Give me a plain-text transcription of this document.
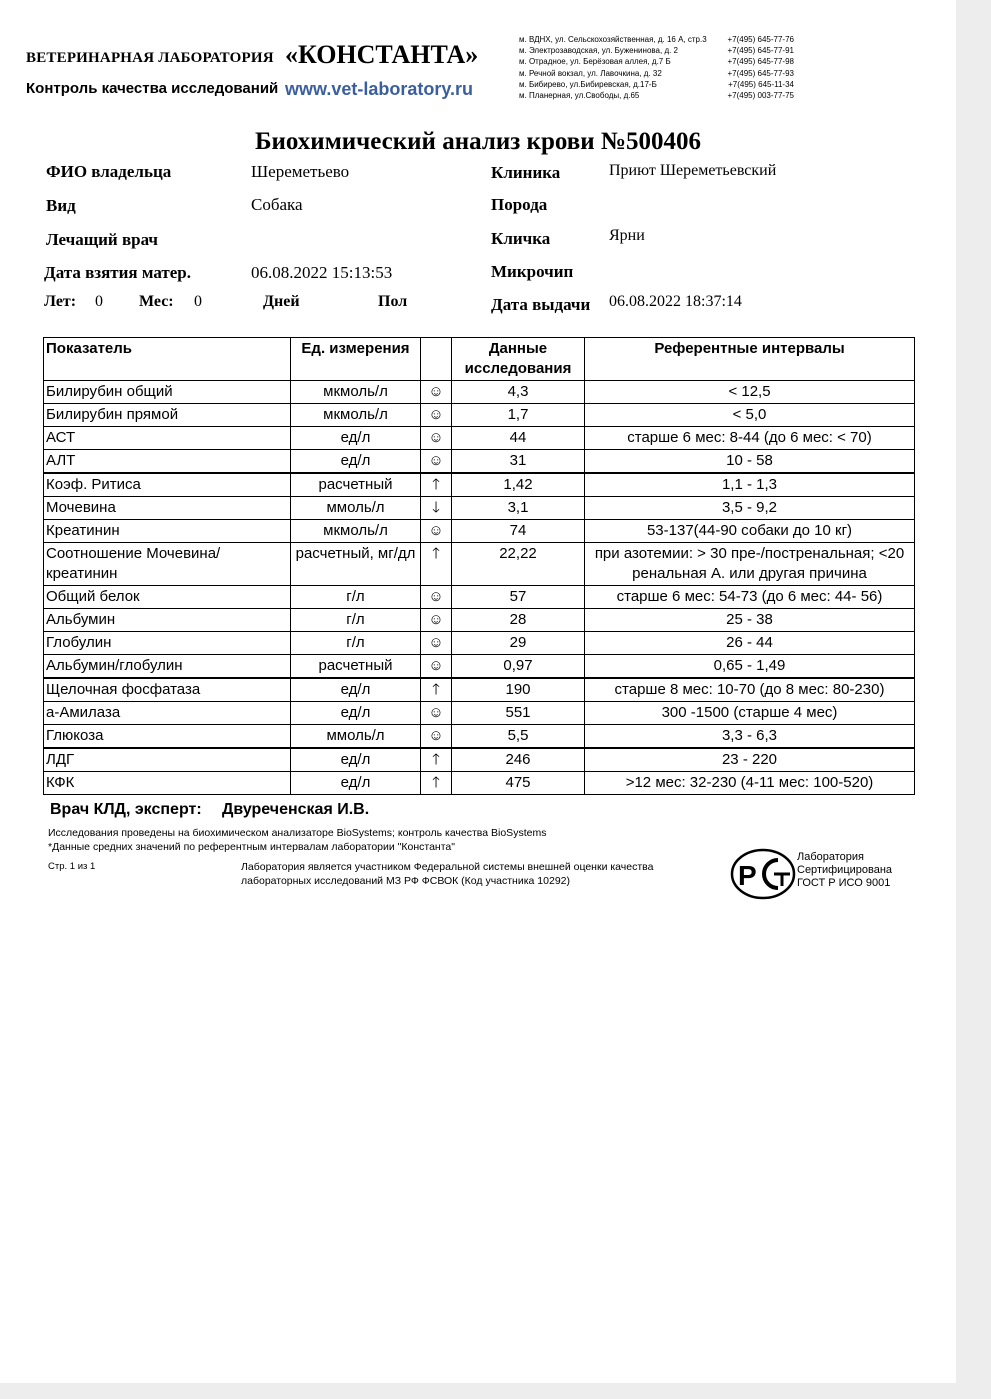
ВЕТЕРИНАРНАЯ ЛАБОРАТОРИЯ «КОНСТАНТА»
Контроль качества исследований www.vet-laboratory.ru
м. ВДНХ, ул. Сельскохозяйственная, д. 16 А, стр.3	+7(495) 645-77-76
м. Электрозаводская, ул. Буженинова, д. 2	+7(495) 645-77-91
м. Отрадное, ул. Берёзовая аллея, д.7 Б	+7(495) 645-77-98
м. Речной вокзал, ул. Лавочкина, д. 32	+7(495) 645-77-93
м. Бибирево, ул.Бибиревская, д.17-Б	+7(495) 645-11-34
м. Планерная, ул.Свободы, д.65	+7(495) 003-77-75
Биохимический анализ крови №500406
ФИО владельца	Шереметьево
Вид	Собака
Лечащий врач
Дата взятия матер.	06.08.2022 15:13:53
Лет: 0 Мес: 0	Дней	Пол
Клиника	Приют Шереметьевский
Порода
Кличка	Ярни
Микрочип
Дата выдачи 06.08.2022 18:37:14
Показатель	Ед. измерения		Данные исследования	Референтные интервалы
Билирубин общий	мкмоль/л	☺	4,3	< 12,5
Билирубин прямой	мкмоль/л	☺	1,7	< 5,0
АСТ	ед/л	☺	44	старше 6 мес: 8-44 (до 6 мес: < 70)
АЛТ	ед/л	☺	31	10 - 58
Коэф. Ритиса	расчетный	🡑	1,42	1,1 - 1,3
Мочевина	ммоль/л	🡓	3,1	3,5 - 9,2
Креатинин	мкмоль/л	☺	74	53-137(44-90 собаки до 10 кг)
Соотношение Мочевина/креатинин	расчетный, мг/дл	🡑	22,22	при азотемии: > 30 пре-/постренальная; <20 ренальная А. или другая причина
Общий белок	г/л	☺	57	старше 6 мес: 54-73 (до 6 мес: 44- 56)
Альбумин	г/л	☺	28	25 - 38
Глобулин	г/л	☺	29	26 - 44
Альбумин/глобулин	расчетный	☺	0,97	0,65 - 1,49
Щелочная фосфатаза	ед/л	🡑	190	старше 8 мес: 10-70 (до 8 мес: 80-230)
а-Амилаза	ед/л	☺	551	300 -1500 (старше 4 мес)
Глюкоза	ммоль/л	☺	5,5	3,3 - 6,3
ЛДГ	ед/л	🡑	246	23 - 220
КФК	ед/л	🡑	475	>12 мес: 32-230 (4-11 мес: 100-520)
Врач КЛД, эксперт: Двуреченская И.В.
Исследования проведены на биохимическом анализаторе BioSystems; контроль качества BioSystems
*Данные средних значений по референтным интервалам лаборатории "Константа"
Стр. 1 из 1	Лаборатория является участником Федеральной системы внешней оценки качества лабораторных исследований МЗ РФ ФСВОК (Код участника 10292)	Р
Лаборатория
Сертифицирована
ГОСТ Р ИСО 9001
